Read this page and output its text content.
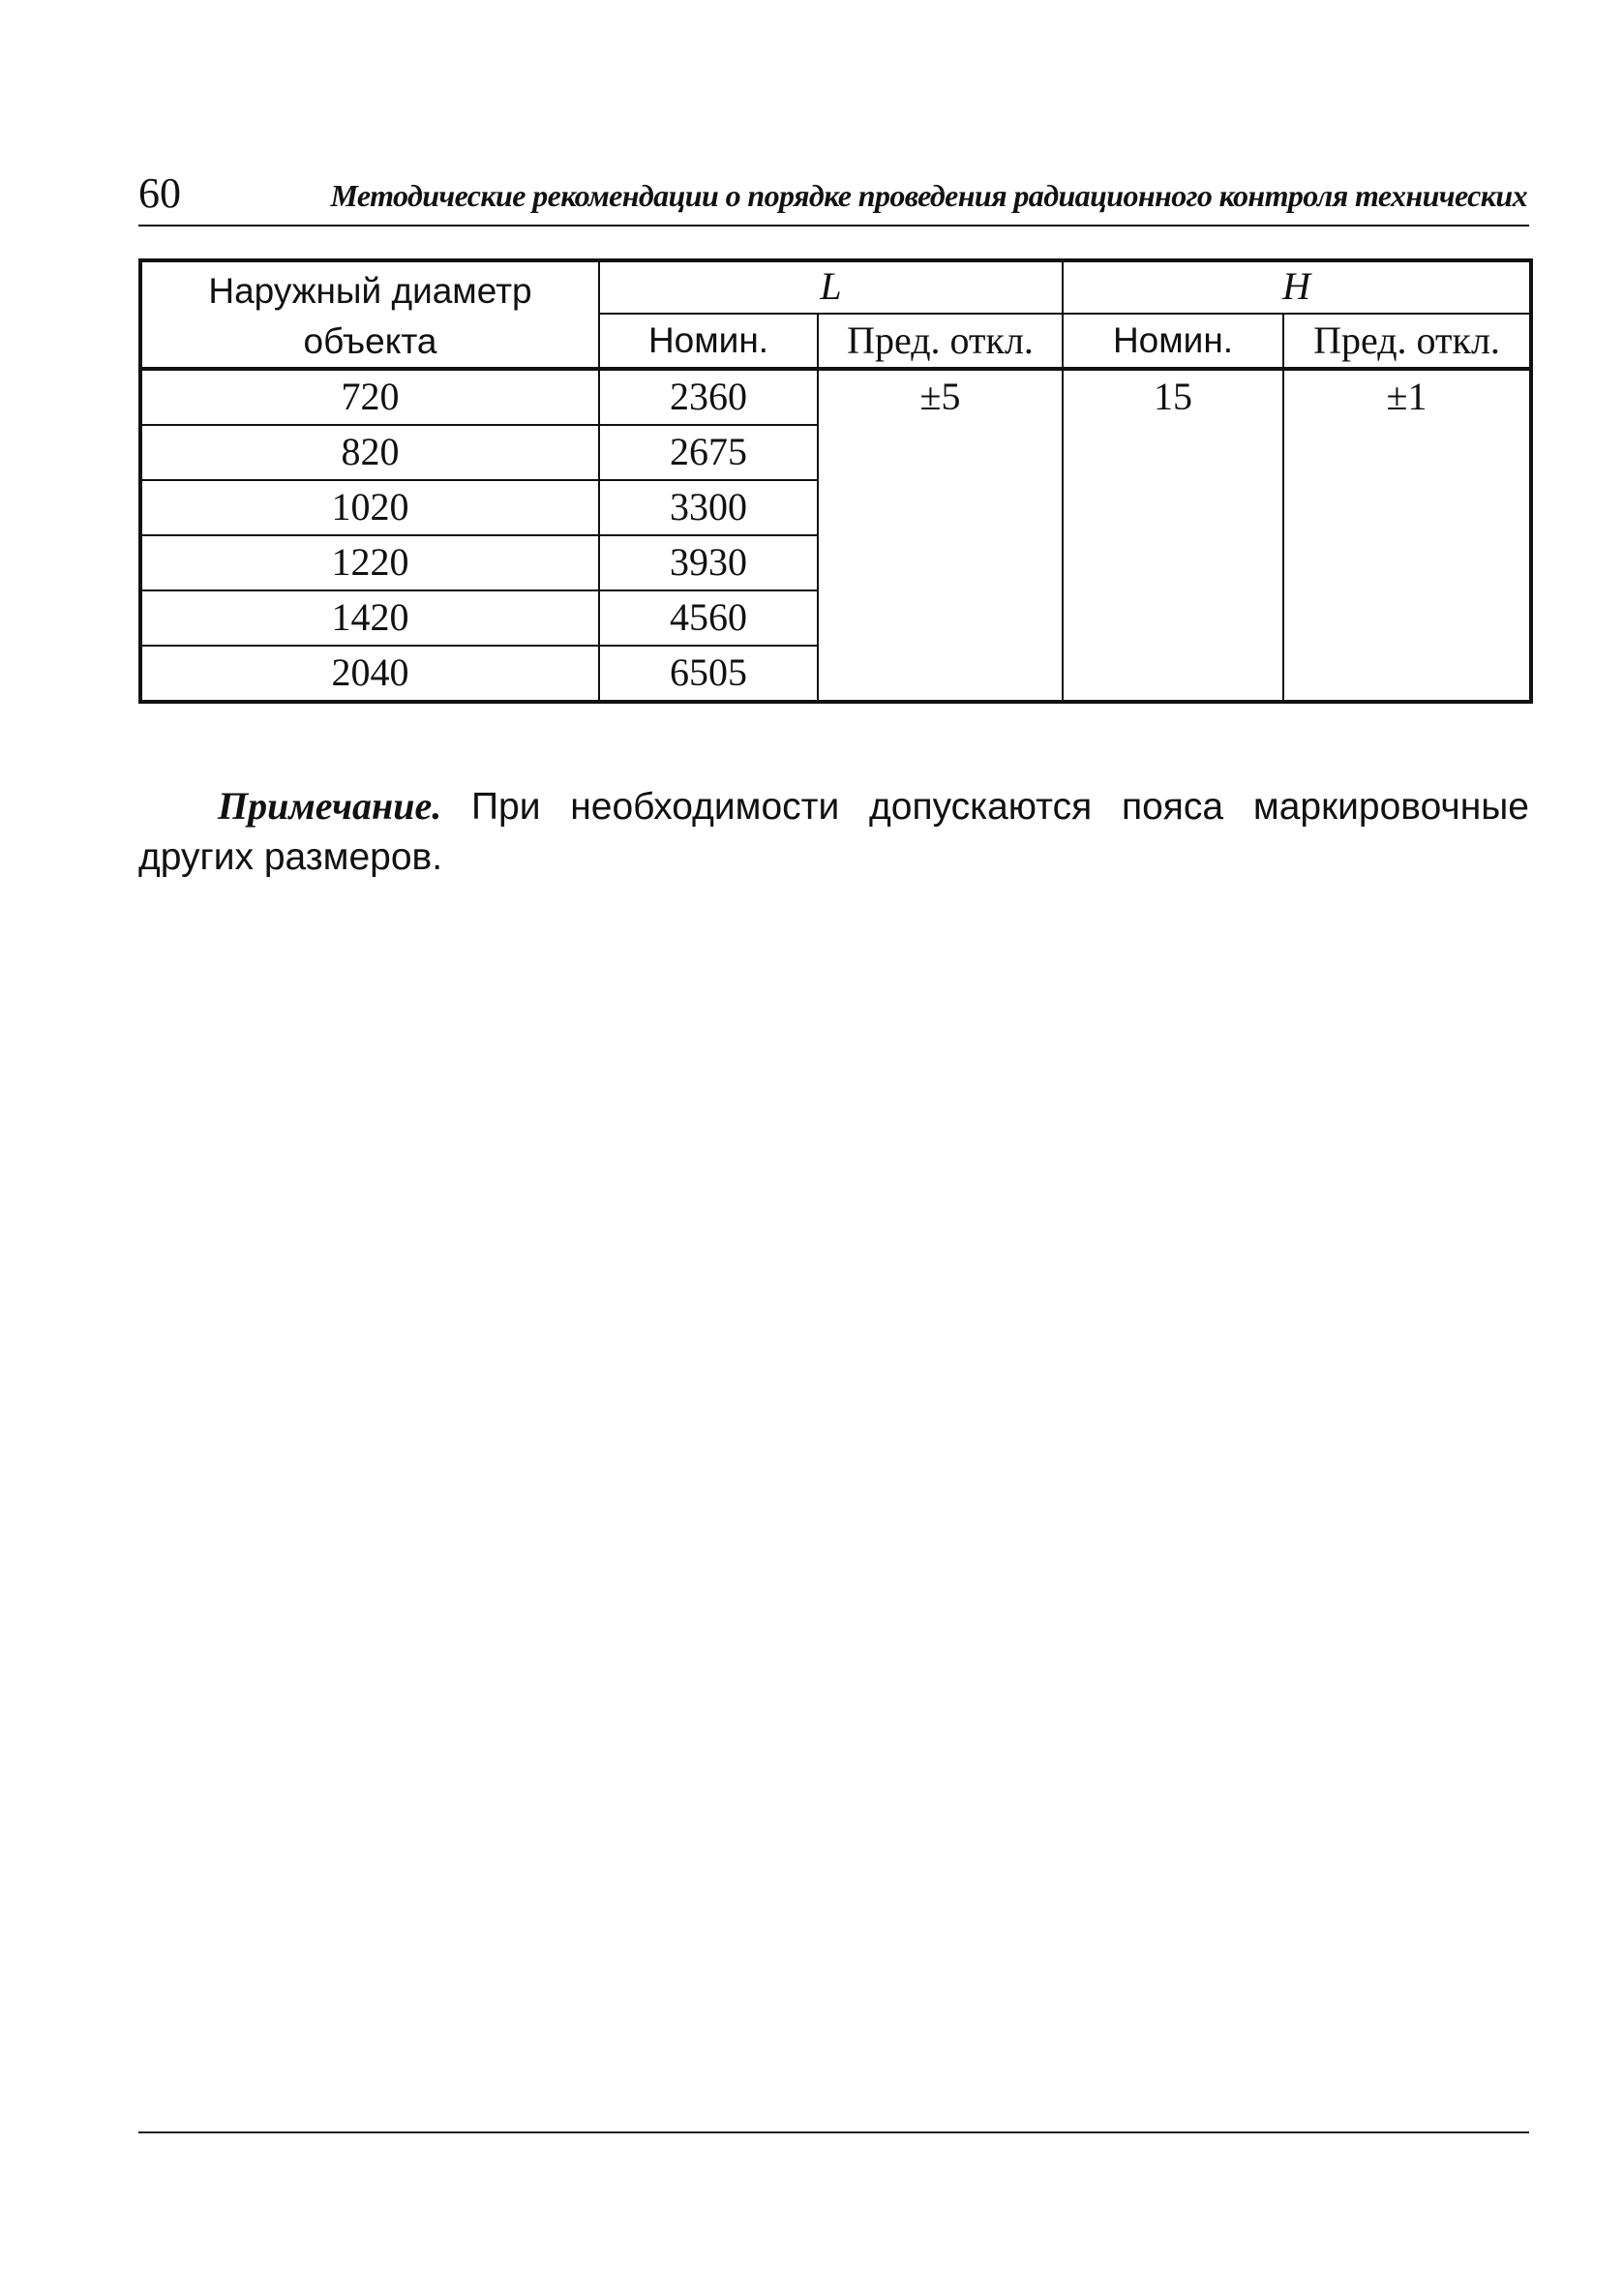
60	Методические рекомендации о порядке проведения радиационного контроля технических
Наружный диаметр объекта	L		H	
	Номин.	Пред. откл.	Номин.	Пред. откл.
720	2360	±5	15	±1
820	2675			
1020	3300			
1220	3930			
1420	4560			
2040	6505			

Примечание. При необходимости допускаются пояса маркировочные других размеров.
